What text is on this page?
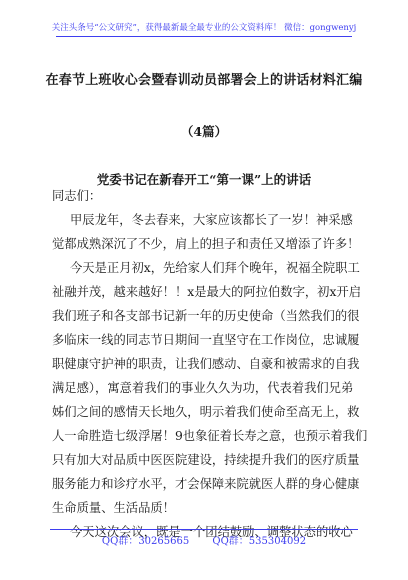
关注头条号“公文研究”，获得最新最全最专业的公文资料库！ 微信：gongwenyj
在春节上班收心会暨春训动员部署会上的讲话材料汇编
（4篇）
党委书记在新春开工“第一课”上的讲话
同志们：
甲辰龙年，冬去春来，大家应该都长了一岁！神采感
觉都成熟深沉了不少，肩上的担子和责任又增添了许多！
今天是正月初x，先给家人们拜个晚年，祝福全院职工
祉融并茂，越来越好！！x是最大的阿拉伯数字，初x开启
我们班子和各支部书记新一年的历史使命（当然我们的很
多临床一线的同志节日期间一直坚守在工作岗位，忠诚履
职健康守护神的职责，让我们感动、自豪和被需求的自我
满足感），寓意着我们的事业久久为功，代表着我们兄弟
姊们之间的感情天长地久，明示着我们使命至高无上，救
人一命胜造七级浮屠！9也象征着长寿之意，也预示着我们
只有加大对品质中医医院建设，持续提升我们的医疗质量
服务能力和诊疗水平，才会保障来院就医人群的身心健康
生命质量、生活品质！
今天这次会议，既是一个团结鼓励、调整状态的收心
QQ群：30265665 QQ群：535304092
